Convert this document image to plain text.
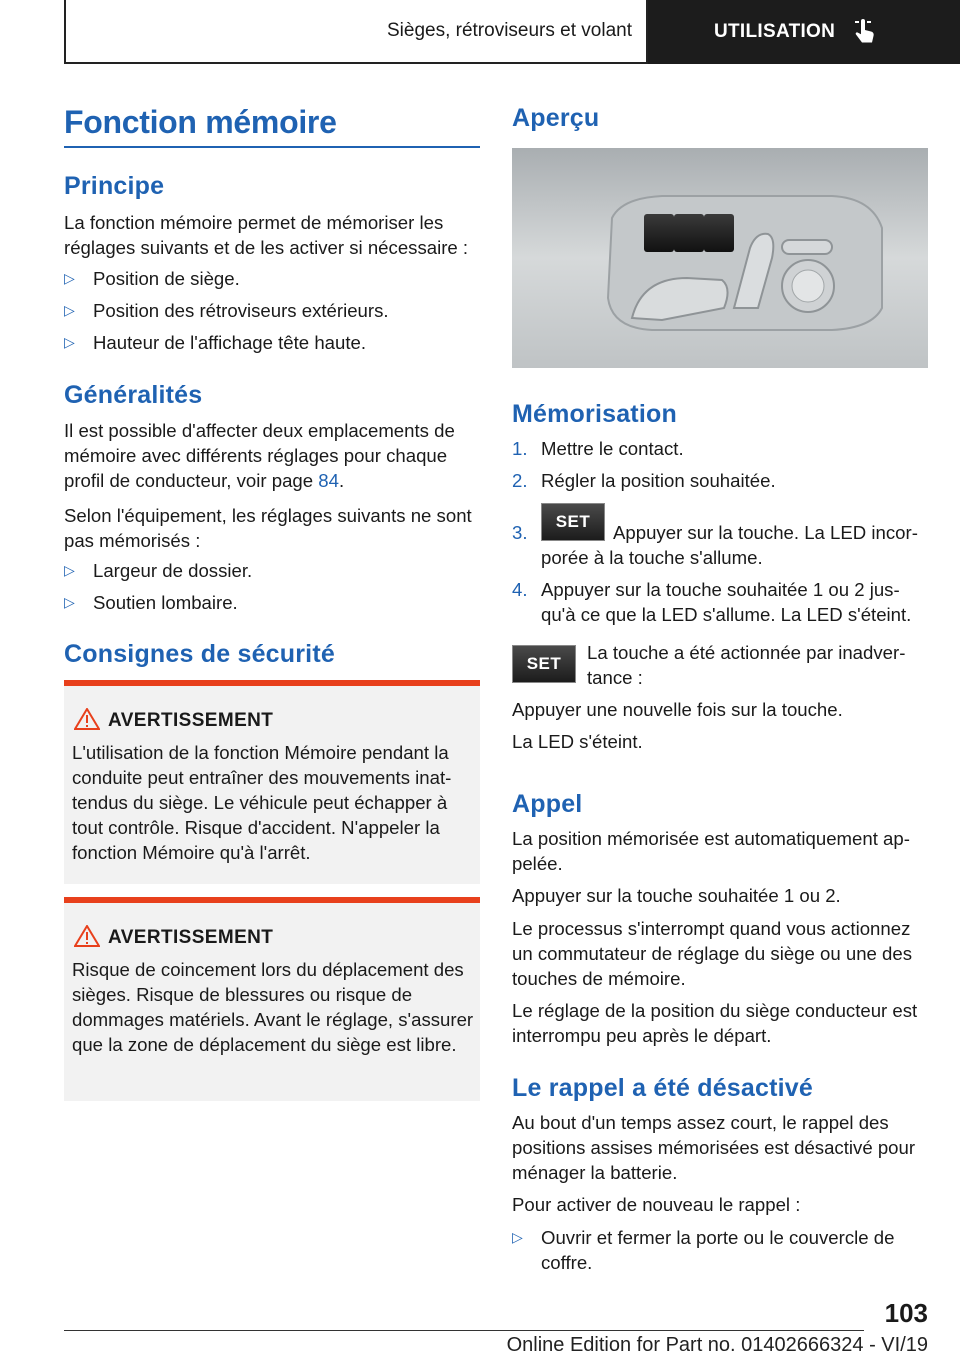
Sièges, rétroviseurs et volant	UTILISATION
Fonction mémoire
Principe

La fonction mémoire permet de mémoriser les réglages suivants et de les activer si nécessaire :

▷ Position de siège.
▷ Position des rétroviseurs extérieurs.
▷ Hauteur de l'affichage tête haute.
Généralités

Il est possible d'affecter deux emplacements de mémoire avec différents réglages pour chaque profil de conducteur, voir page 84.

Selon l'équipement, les réglages suivants ne sont pas mémorisés :

▷ Largeur de dossier.
▷ Soutien lombaire.
Consignes de sécurité
AVERTISSEMENT
L'utilisation de la fonction Mémoire pendant la conduite peut entraîner des mouvements inattendus du siège. Le véhicule peut échapper à tout contrôle. Risque d'accident. N'appeler la fonction Mémoire qu'à l'arrêt.
AVERTISSEMENT
Risque de coincement lors du déplacement des sièges. Risque de blessures ou risque de dommages matériels. Avant le réglage, s'assurer que la zone de déplacement du siège est libre.
Aperçu
Mémorisation
1. Mettre le contact.
2. Régler la position souhaitée.
SET
3.	Appuyer sur la touche. La LED incorporée à la touche s'allume.
4. Appuyer sur la touche souhaitée 1 ou 2 jusqu'à ce que la LED s'allume. La LED s'éteint.
SET

La touche a été actionnée par inadvertance :

Appuyer une nouvelle fois sur la touche.

La LED s'éteint.

Appel

La position mémorisée est automatiquement appelée.

Appuyer sur la touche souhaitée 1 ou 2.

Le processus s'interrompt quand vous actionnez un commutateur de réglage du siège ou une des touches de mémoire.

Le réglage de la position du siège conducteur est interrompu peu après le départ.

Le rappel a été désactivé

Au bout d'un temps assez court, le rappel des positions assises mémorisées est désactivé pour ménager la batterie.

Pour activer de nouveau le rappel :

▷ Ouvrir et fermer la porte ou le couvercle de coffre.
103
Online Edition for Part no. 01402666324 - VI/19
